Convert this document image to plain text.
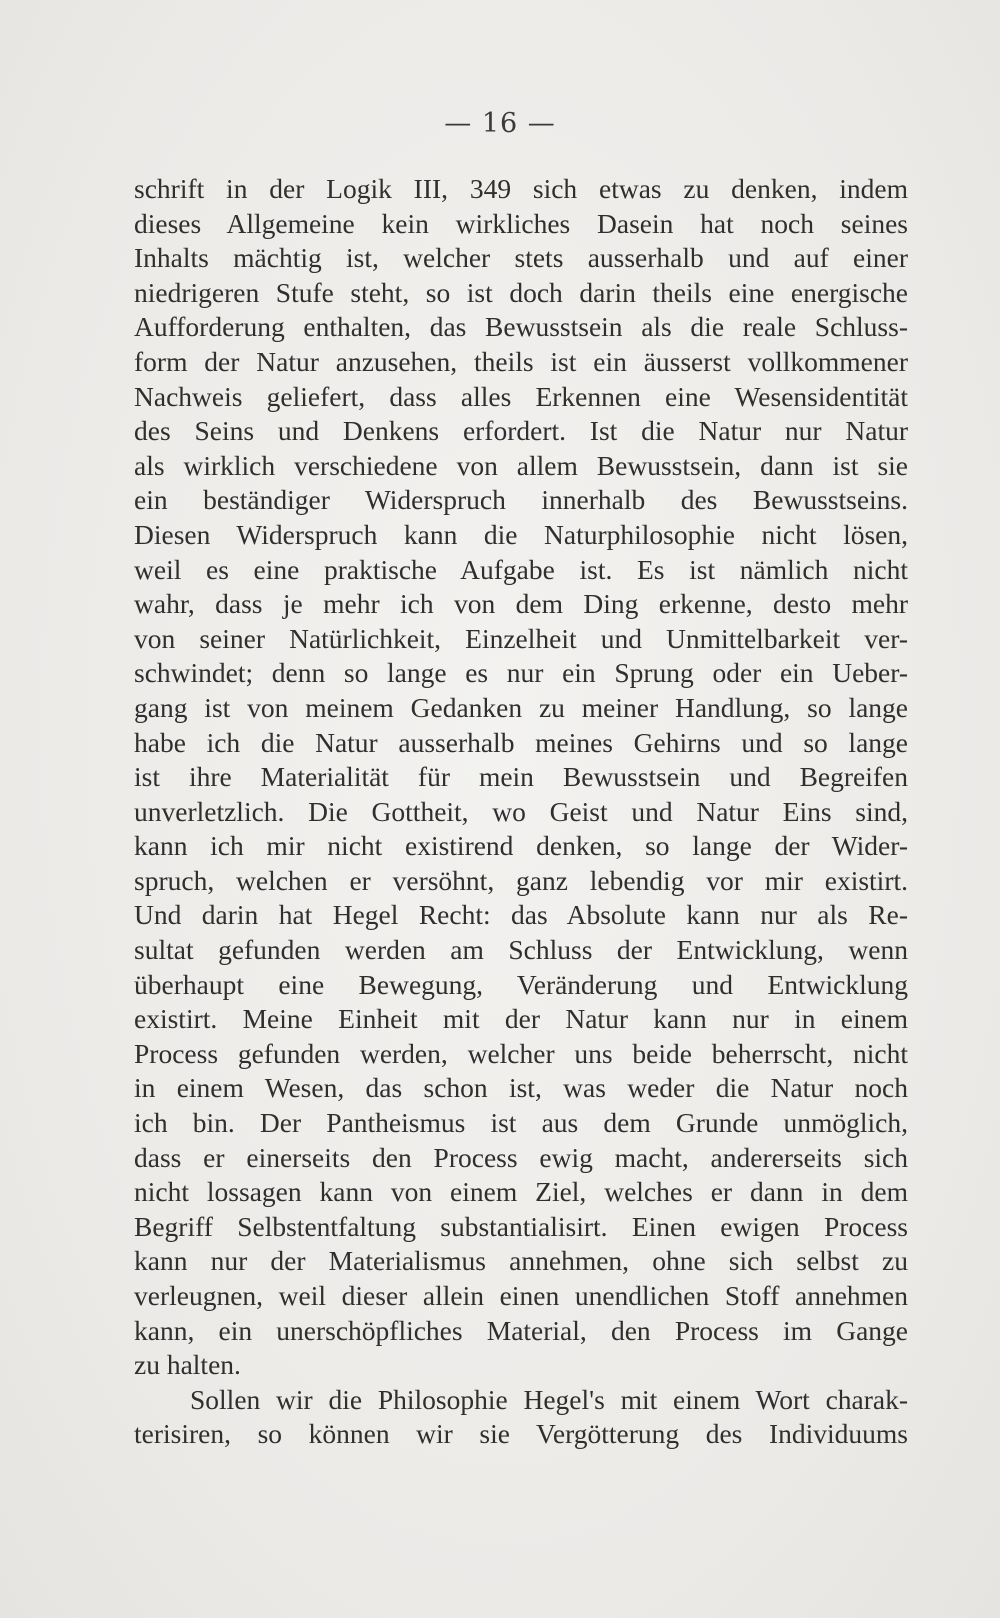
— 16 —
schrift in der Logik III, 349 sich etwas zu denken, indem
dieses Allgemeine kein wirkliches Dasein hat noch seines
Inhalts mächtig ist, welcher stets ausserhalb und auf einer
niedrigeren Stufe steht, so ist doch darin theils eine energische
Aufforderung enthalten, das Bewusstsein als die reale Schluss-
form der Natur anzusehen, theils ist ein äusserst vollkommener
Nachweis geliefert, dass alles Erkennen eine Wesensidentität
des Seins und Denkens erfordert. Ist die Natur nur Natur
als wirklich verschiedene von allem Bewusstsein, dann ist sie
ein beständiger Widerspruch innerhalb des Bewusstseins.
Diesen Widerspruch kann die Naturphilosophie nicht lösen,
weil es eine praktische Aufgabe ist. Es ist nämlich nicht
wahr, dass je mehr ich von dem Ding erkenne, desto mehr
von seiner Natürlichkeit, Einzelheit und Unmittelbarkeit ver-
schwindet; denn so lange es nur ein Sprung oder ein Ueber-
gang ist von meinem Gedanken zu meiner Handlung, so lange
habe ich die Natur ausserhalb meines Gehirns und so lange
ist ihre Materialität für mein Bewusstsein und Begreifen
unverletzlich. Die Gottheit, wo Geist und Natur Eins sind,
kann ich mir nicht existirend denken, so lange der Wider-
spruch, welchen er versöhnt, ganz lebendig vor mir existirt.
Und darin hat Hegel Recht: das Absolute kann nur als Re-
sultat gefunden werden am Schluss der Entwicklung, wenn
überhaupt eine Bewegung, Veränderung und Entwicklung
existirt. Meine Einheit mit der Natur kann nur in einem
Process gefunden werden, welcher uns beide beherrscht, nicht
in einem Wesen, das schon ist, was weder die Natur noch
ich bin. Der Pantheismus ist aus dem Grunde unmöglich,
dass er einerseits den Process ewig macht, andererseits sich
nicht lossagen kann von einem Ziel, welches er dann in dem
Begriff Selbstentfaltung substantialisirt. Einen ewigen Process
kann nur der Materialismus annehmen, ohne sich selbst zu
verleugnen, weil dieser allein einen unendlichen Stoff annehmen
kann, ein unerschöpfliches Material, den Process im Gange
zu halten.
Sollen wir die Philosophie Hegel's mit einem Wort charak-
terisiren, so können wir sie Vergötterung des Individuums
